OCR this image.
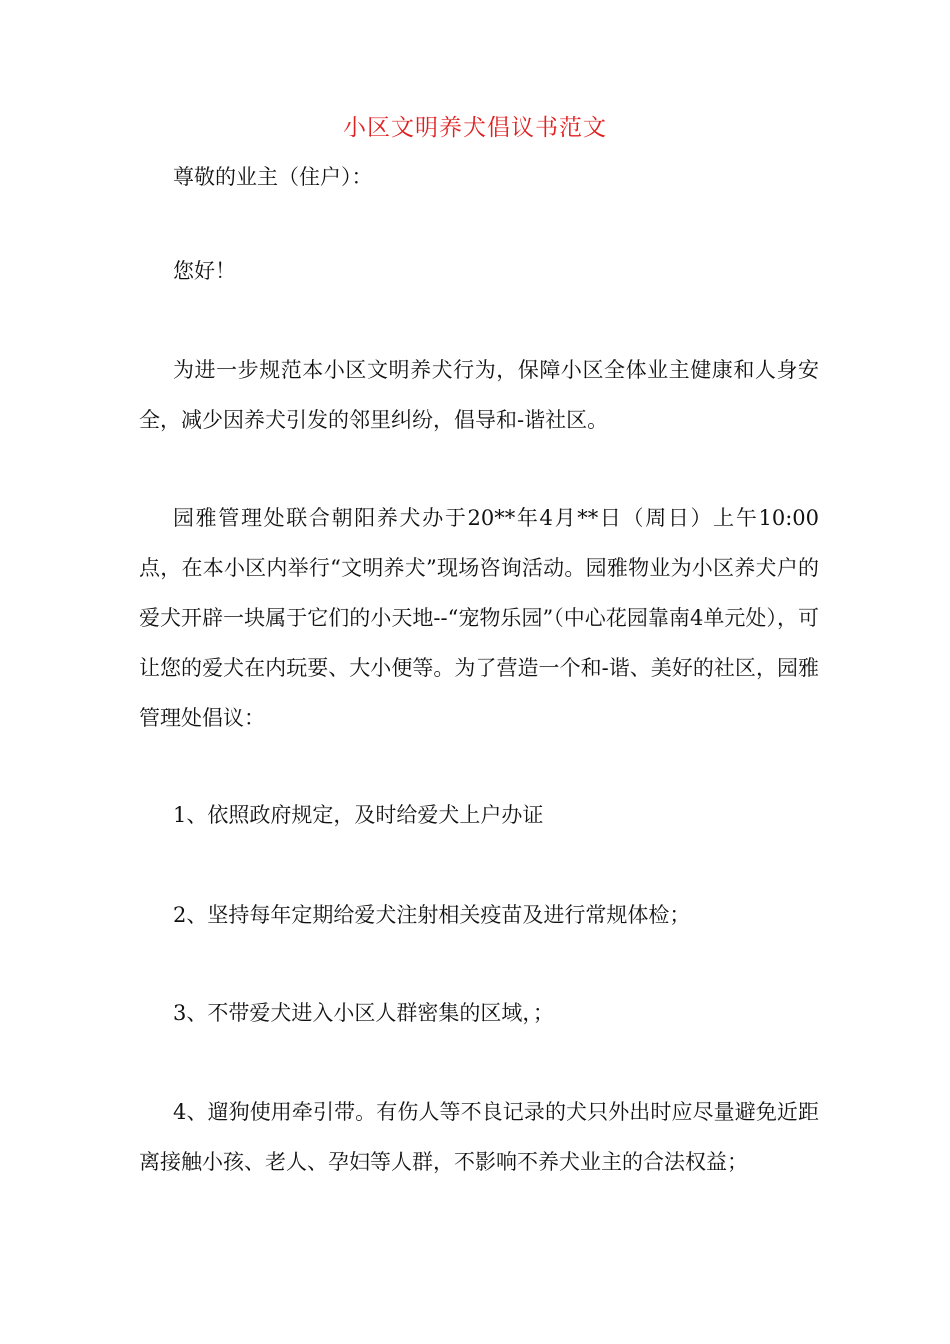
小区文明养犬倡议书范文

尊敬的业主（住户）：

您好！

为进一步规范本小区文明养犬行为，保障小区全体业主健康和人身安全，减少因养犬引发的邻里纠纷，倡导和-谐社区。

园雅管理处联合朝阳养犬办于20**年4月**日（周日）上午10:00点，在本小区内举行“文明养犬”现场咨询活动。园雅物业为小区养犬户的爱犬开辟一块属于它们的小天地--“宠物乐园”（中心花园靠南4单元处），可让您的爱犬在内玩要、大小便等。为了营造一个和-谐、美好的社区，园雅管理处倡议：

1、依照政府规定，及时给爱犬上户办证

2、坚持每年定期给爱犬注射相关疫苗及进行常规体检；

3、不带爱犬进入小区人群密集的区域，；

4、遛狗使用牵引带。有伤人等不良记录的犬只外出时应尽量避免近距离接触小孩、老人、孕妇等人群，不影响不养犬业主的合法权益；
